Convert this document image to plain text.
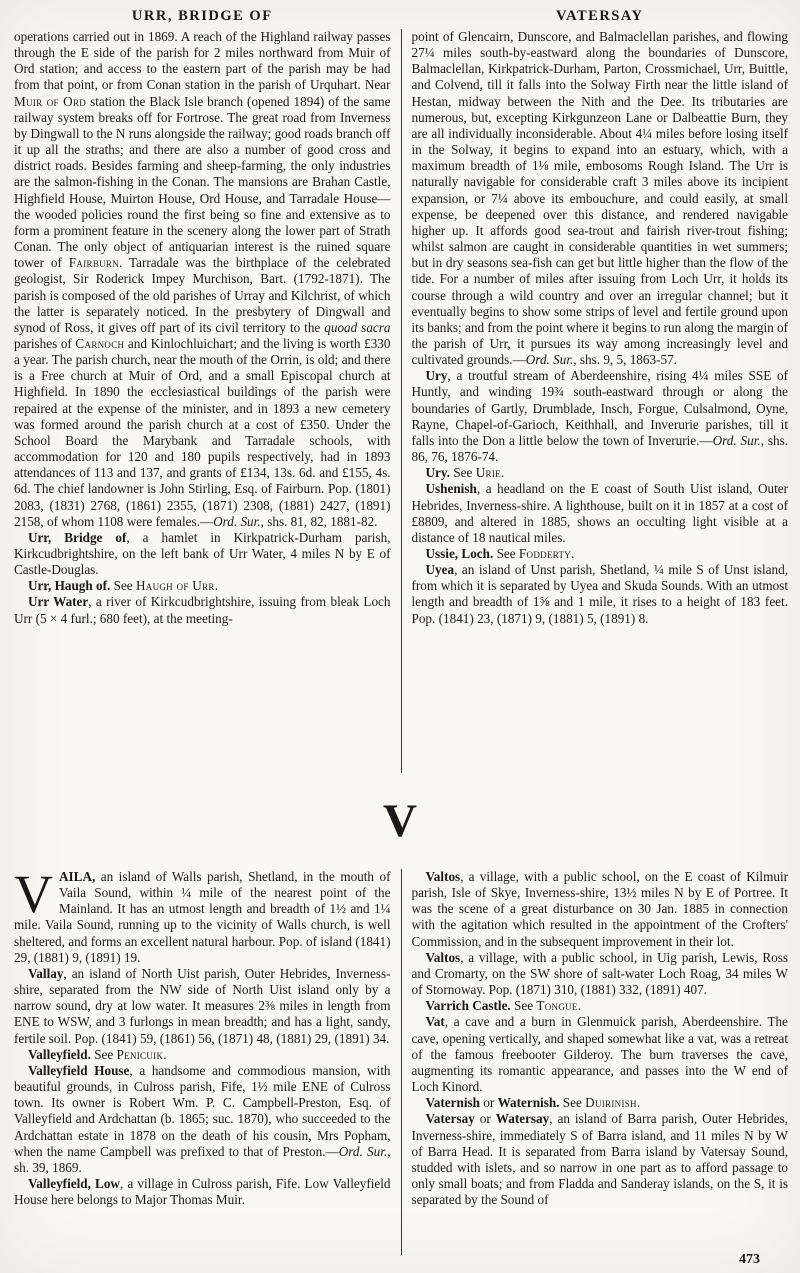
URR, BRIDGE OF	VATERSAY

operations carried out in 1869. A reach of the Highland railway passes through the E side of the parish for 2 miles northward from Muir of Ord station; and access to the eastern part of the parish may be had from that point, or from Conan station in the parish of Urquhart. Near Muir of Ord station the Black Isle branch (opened 1894) of the same railway system breaks off for Fortrose. The great road from Inverness by Dingwall to the N runs alongside the railway; good roads branch off it up all the straths; and there are also a number of good cross and district roads. Besides farming and sheep-farming, the only industries are the salmon-fishing in the Conan. The mansions are Brahan Castle, Highfield House, Muirton House, Ord House, and Tarradale House—the wooded policies round the first being so fine and extensive as to form a prominent feature in the scenery along the lower part of Strath Conan. The only object of antiquarian interest is the ruined square tower of Fairburn. Tarradale was the birthplace of the celebrated geologist, Sir Roderick Impey Murchison, Bart. (1792-1871). The parish is composed of the old parishes of Urray and Kilchrist, of which the latter is separately noticed. In the presbytery of Dingwall and synod of Ross, it gives off part of its civil territory to the quoad sacra parishes of Carnoch and Kinlochluichart; and the living is worth £330 a year. The parish church, near the mouth of the Orrin, is old; and there is a Free church at Muir of Ord, and a small Episcopal church at Highfield. In 1890 the ecclesiastical buildings of the parish were repaired at the expense of the minister, and in 1893 a new cemetery was formed around the parish church at a cost of £350. Under the School Board the Marybank and Tarradale schools, with accommodation for 120 and 180 pupils respectively, had in 1893 attendances of 113 and 137, and grants of £134, 13s. 6d. and £155, 4s. 6d. The chief landowner is John Stirling, Esq. of Fairburn. Pop. (1801) 2083, (1831) 2768, (1861) 2355, (1871) 2308, (1881) 2427, (1891) 2158, of whom 1108 were females.—Ord. Sur., shs. 81, 82, 1881-82.

Urr, Bridge of, a hamlet in Kirkpatrick-Durham parish, Kirkcudbrightshire, on the left bank of Urr Water, 4 miles N by E of Castle-Douglas.

Urr, Haugh of. See Haugh of Urr.

Urr Water, a river of Kirkcudbrightshire, issuing from bleak Loch Urr (5 × 4 furl.; 680 feet), at the meeting-

point of Glencairn, Dunscore, and Balmaclellan parishes, and flowing 27¼ miles south-by-eastward along the boundaries of Dunscore, Balmaclellan, Kirkpatrick-Durham, Parton, Crossmichael, Urr, Buittle, and Colvend, till it falls into the Solway Firth near the little island of Hestan, midway between the Nith and the Dee. Its tributaries are numerous, but, excepting Kirkgunzeon Lane or Dalbeattie Burn, they are all individually inconsiderable. About 4¼ miles before losing itself in the Solway, it begins to expand into an estuary, which, with a maximum breadth of 1⅛ mile, embosoms Rough Island. The Urr is naturally navigable for considerable craft 3 miles above its incipient expansion, or 7¼ above its embouchure, and could easily, at small expense, be deepened over this distance, and rendered navigable higher up. It affords good sea-trout and fairish river-trout fishing; whilst salmon are caught in considerable quantities in wet summers; but in dry seasons sea-fish can get but little higher than the flow of the tide. For a number of miles after issuing from Loch Urr, it holds its course through a wild country and over an irregular channel; but it eventually begins to show some strips of level and fertile ground upon its banks; and from the point where it begins to run along the margin of the parish of Urr, it pursues its way among increasingly level and cultivated grounds.—Ord. Sur., shs. 9, 5, 1863-57.

Ury, a troutful stream of Aberdeenshire, rising 4¼ miles SSE of Huntly, and winding 19¾ south-eastward through or along the boundaries of Gartly, Drumblade, Insch, Forgue, Culsalmond, Oyne, Rayne, Chapel-of-Garioch, Keithhall, and Inverurie parishes, till it falls into the Don a little below the town of Inverurie.—Ord. Sur., shs. 86, 76, 1876-74.

Ury. See Urie.

Ushenish, a headland on the E coast of South Uist island, Outer Hebrides, Inverness-shire. A lighthouse, built on it in 1857 at a cost of £8809, and altered in 1885, shows an occulting light visible at a distance of 18 nautical miles.

Ussie, Loch. See Fodderty.

Uyea, an island of Unst parish, Shetland, ¼ mile S of Unst island, from which it is separated by Uyea and Skuda Sounds. With an utmost length and breadth of 1⅝ and 1 mile, it rises to a height of 183 feet. Pop. (1841) 23, (1871) 9, (1881) 5, (1891) 8.

V

VAILA, an island of Walls parish, Shetland, in the mouth of Vaila Sound, within ¼ mile of the nearest point of the Mainland. It has an utmost length and breadth of 1½ and 1¼ mile. Vaila Sound, running up to the vicinity of Walls church, is well sheltered, and forms an excellent natural harbour. Pop. of island (1841) 29, (1881) 9, (1891) 19.

Vallay, an island of North Uist parish, Outer Hebrides, Inverness-shire, separated from the NW side of North Uist island only by a narrow sound, dry at low water. It measures 2⅜ miles in length from ENE to WSW, and 3 furlongs in mean breadth; and has a light, sandy, fertile soil. Pop. (1841) 59, (1861) 56, (1871) 48, (1881) 29, (1891) 34.

Valleyfield. See Penicuik.

Valleyfield House, a handsome and commodious mansion, with beautiful grounds, in Culross parish, Fife, 1½ mile ENE of Culross town. Its owner is Robert Wm. P. C. Campbell-Preston, Esq. of Valleyfield and Ardchattan (b. 1865; suc. 1870), who succeeded to the Ardchattan estate in 1878 on the death of his cousin, Mrs Popham, when the name Campbell was prefixed to that of Preston.—Ord. Sur., sh. 39, 1869.

Valleyfield, Low, a village in Culross parish, Fife. Low Valleyfield House here belongs to Major Thomas Muir.

Valtos, a village, with a public school, on the E coast of Kilmuir parish, Isle of Skye, Inverness-shire, 13½ miles N by E of Portree. It was the scene of a great disturbance on 30 Jan. 1885 in connection with the agitation which resulted in the appointment of the Crofters' Commission, and in the subsequent improvement in their lot.

Valtos, a village, with a public school, in Uig parish, Lewis, Ross and Cromarty, on the SW shore of salt-water Loch Roag, 34 miles W of Stornoway. Pop. (1871) 310, (1881) 332, (1891) 407.

Varrich Castle. See Tongue.

Vat, a cave and a burn in Glenmuick parish, Aberdeenshire. The cave, opening vertically, and shaped somewhat like a vat, was a retreat of the famous freebooter Gilderoy. The burn traverses the cave, augmenting its romantic appearance, and passes into the W end of Loch Kinord.

Vaternish or Waternish. See Duirinish.

Vatersay or Watersay, an island of Barra parish, Outer Hebrides, Inverness-shire, immediately S of Barra island, and 11 miles N by W of Barra Head. It is separated from Barra island by Vatersay Sound, studded with islets, and so narrow in one part as to afford passage to only small boats; and from Fladda and Sanderay islands, on the S, it is separated by the Sound of

473
